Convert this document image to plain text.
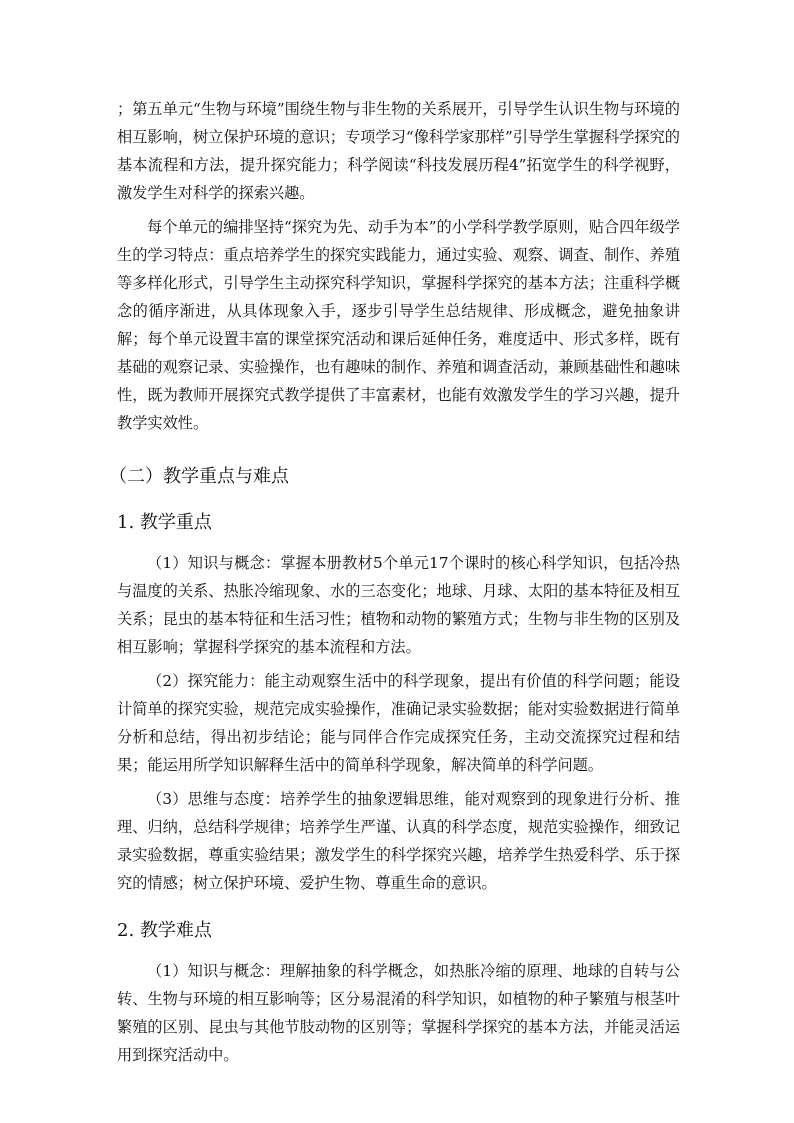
；第五单元“生物与环境”围绕生物与非生物的关系展开，引导学生认识生物与环境的相互影响，树立保护环境的意识；专项学习“像科学家那样”引导学生掌握科学探究的基本流程和方法，提升探究能力；科学阅读“科技发展历程4”拓宽学生的科学视野，激发学生对科学的探索兴趣。

每个单元的编排坚持“探究为先、动手为本”的小学科学教学原则，贴合四年级学生的学习特点：重点培养学生的探究实践能力，通过实验、观察、调查、制作、养殖等多样化形式，引导学生主动探究科学知识，掌握科学探究的基本方法；注重科学概念的循序渐进，从具体现象入手，逐步引导学生总结规律、形成概念，避免抽象讲解；每个单元设置丰富的课堂探究活动和课后延伸任务，难度适中、形式多样，既有基础的观察记录、实验操作，也有趣味的制作、养殖和调查活动，兼顾基础性和趣味性，既为教师开展探究式教学提供了丰富素材，也能有效激发学生的学习兴趣，提升教学实效性。

（二）教学重点与难点
1. 教学重点

（1）知识与概念：掌握本册教材5个单元17个课时的核心科学知识，包括冷热与温度的关系、热胀冷缩现象、水的三态变化；地球、月球、太阳的基本特征及相互关系；昆虫的基本特征和生活习性；植物和动物的繁殖方式；生物与非生物的区别及相互影响；掌握科学探究的基本流程和方法。

（2）探究能力：能主动观察生活中的科学现象，提出有价值的科学问题；能设计简单的探究实验，规范完成实验操作，准确记录实验数据；能对实验数据进行简单分析和总结，得出初步结论；能与同伴合作完成探究任务，主动交流探究过程和结果；能运用所学知识解释生活中的简单科学现象，解决简单的科学问题。

（3）思维与态度：培养学生的抽象逻辑思维，能对观察到的现象进行分析、推理、归纳，总结科学规律；培养学生严谨、认真的科学态度，规范实验操作，细致记录实验数据，尊重实验结果；激发学生的科学探究兴趣，培养学生热爱科学、乐于探究的情感；树立保护环境、爱护生物、尊重生命的意识。

2. 教学难点

（1）知识与概念：理解抽象的科学概念，如热胀冷缩的原理、地球的自转与公转、生物与环境的相互影响等；区分易混淆的科学知识，如植物的种子繁殖与根茎叶繁殖的区别、昆虫与其他节肢动物的区别等；掌握科学探究的基本方法，并能灵活运用到探究活动中。
